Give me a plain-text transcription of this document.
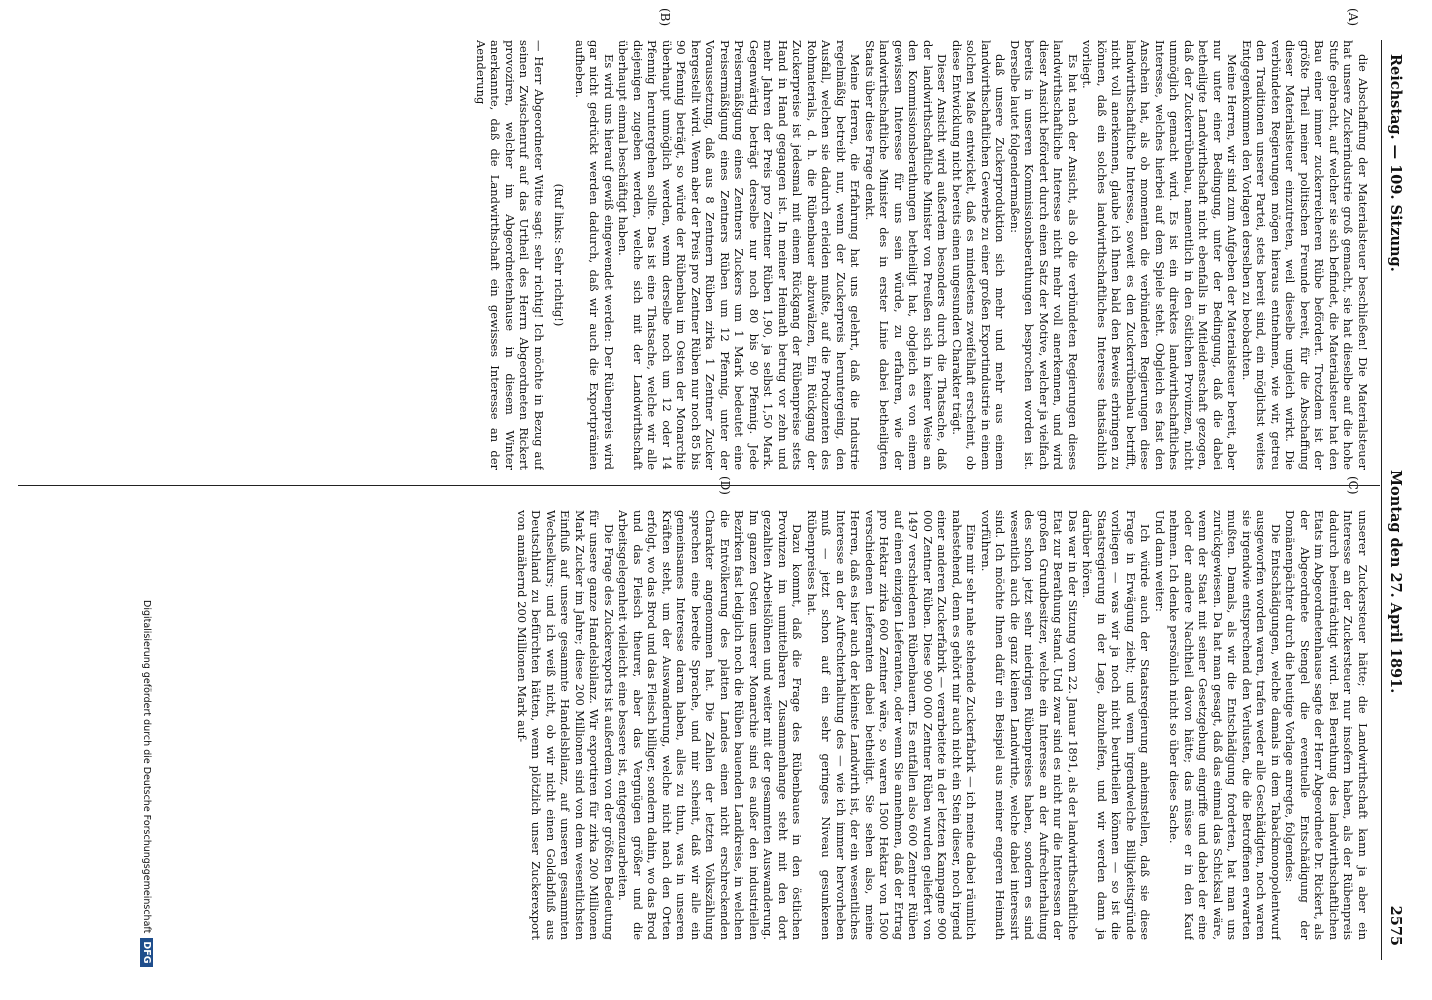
Reichstag. — 109. Sitzung.
Montag den 27. April 1891.
2575
(A)
(B)
(C)
(D)

die Abschaffung der Materialsteuer beschließen! Die Materialsteuer hat unsere Zuckerindustrie groß gemacht, sie hat dieselbe auf die hohe Stufe gebracht, auf welcher sie sich befindet, die Materialsteuer hat den Bau einer immer zuckerreicheren Rübe befördert. Trotzdem ist der größte Theil meiner politischen Freunde bereit, für die Abschaffung dieser Materialsteuer einzutreten, weil dieselbe ungleich wirkt. Die verbündeten Regierungen mögen hieraus entnehmen, wie wir, getreu den Traditionen unserer Partei, stets bereit sind, ein möglichst weites Entgegenkommen den Vorlagen derselben zu beobachten.

Meine Herren, wir sind zum Aufgeben der Materialsteuer bereit, aber nur unter einer Bedingung, unter der Bedingung, daß die dabei betheiligte Landwirthschaft nicht ebenfalls in Mitleidenschaft gezogen, daß der Zuckerrübenbau, namentlich in den östlichen Provinzen, nicht unmöglich gemacht wird. Es ist ein direktes landwirthschaftliches Interesse, welches hierbei auf dem Spiele steht. Obgleich es fast den Anschein hat, als ob momentan die verbündeten Regierungen diese landwirthschaftliche Interesse, soweit es den Zuckerrübenbau betrifft, nicht voll anerkennen, glaube ich Ihnen bald den Beweis erbringen zu können, daß ein solches landwirthschaftliches Interesse thatsächlich vorliegt.

Es hat nach der Ansicht, als ob die verbündeten Regierungen dieses landwirthschaftliche Interesse nicht mehr voll anerkennen, und wird dieser Ansicht befördert durch einen Satz der Motive, welcher ja vielfach bereits in unseren Kommissionsberathungen besprochen worden ist. Derselbe lautet folgendermaßen:

daß unsere Zuckerproduktion sich mehr und mehr aus einem landwirthschaftlichen Gewerbe zu einer großen Exportindustrie in einem solchen Maße entwickelt, daß es mindestens zweifelhaft erscheint, ob diese Entwicklung nicht bereits einen ungesunden Charakter trägt.

Dieser Ansicht wird außerdem besonders durch die Thatsache, daß der landwirthschaftliche Minister von Preußen sich in keiner Weise an den Kommissionsberathungen betheiligt hat, obgleich es von einem gewissen Interesse für uns sein würde, zu erfahren, wie der landwirthschaftliche Minister des in erster Linie dabei betheiligten Staats über diese Frage denkt.

Meine Herren, die Erfahrung hat uns gelehrt, daß die Industrie regelmäßig betreibt nur, wenn der Zuckerpreis heruntergeing, den Ausfall, welchen sie dadurch erleiden mußte, auf die Produzenten des Rohmaterials, d. h. die Rübenbauer abzuwälzen, Ein Rückgang der Zuckerpreise ist jedesmal mit einem Rückgang der Rübenpreise stets Hand in Hand gegangen ist. In meiner Heimath betrug vor zehn und mehr Jahren der Preis pro Zentner Rüben 1,90, ja selbst 1,50 Mark. Gegenwärtig beträgt derselbe nur noch 80 bis 90 Pfennig. Jede Preisermäßigung eines Zentners Zuckers um 1 Mark bedeutet eine Preisermäßigung eines Zentners Rüben um 12 Pfennig, unter der Voraussetzung, daß aus 8 Zentnern Rüben zirka 1 Zentner Zucker hergestellt wird. Wenn aber der Preis pro Zentner Rüben nur noch 85 bis 90 Pfennig beträgt, so würde der Rübenbau im Osten der Monarchie überhaupt unmöglich werden, wenn derselbe noch um 12 oder 14 Pfennig heruntergehen sollte. Das ist eine Thatsache, welche wir alle diejenigen zugeben werden, welche sich mit der Landwirthschaft überhaupt einmal beschäftigt haben.

Es wird uns hierauf gewiß eingewendet werden: Der Rübenpreis wird gar nicht gedrückt werden dadurch, daß wir auch die Exportprämien aufheben.

(Ruf links: Sehr richtig!)

— Herr Abgeordneter Witte sagt: sehr richtig! Ich möchte in Bezug auf seinen Zwischenruf auf das Urtheil des Herrn Abgeordneten Rickert provoziren, welcher im Abgeordnetenhause in diesem Winter anerkannte, daß die Landwirthschaft ein gewisses Interesse an der Aenderung

unserer Zuckersteuer hätte; die Landwirthschaft kann ja aber ein Interesse an der Zuckersteuer nur insofern haben, als der Rübenpreis dadurch beeinträchtigt wird. Bei Berathung des landwirthschaftlichen Etats im Abgeordnetenhause sagte der Herr Abgeordnete Dr. Rickert, als der Abgeordnete Stengel die eventuelle Entschädigung der Domänenpächter durch die heutige Vorlage anregte, folgendes:

Die Entschädigungen, welche damals in dem Tabackmonopolentwurf ausgeworfen worden waren, trafen weder alle Geschädigten, noch waren sie irgendwie entsprechend den Verlusten, die die Betroffenen erwarten mußten. Damals, als wir die Entschädigung forderten, hat man uns zurückgewiesen. Da hat man gesagt, daß das einmal das Schicksal wäre, wenn der Staat mit seiner Gesetzgebung eingriffe und dabei der eine oder der andere Nachtheil davon hätte; das müsse er in den Kauf nehmen. Ich denke persönlich nicht so über diese Sache.

Und dann weiter:

Ich würde auch der Staatsregierung anheimstellen, daß sie diese Frage in Erwägung zieht; und wenn irgendwelche Billigkeitsgründe vorliegen — was wir ja noch nicht beurtheilen können — so ist die Staatsregierung in der Lage, abzuhelfen, und wir werden dann ja darüber hören.

Das war in der Sitzung vom 22. Januar 1891, als der landwirthschaftliche Etat zur Berathung stand. Und zwar sind es nicht nur die Interessen der großen Grundbesitzer, welche ein Interesse an der Aufrechterhaltung des schon jetzt sehr niedrigen Rübenpreises haben, sondern es sind wesentlich auch die ganz kleinen Landwirthe, welche dabei interessirt sind. Ich möchte Ihnen dafür ein Beispiel aus meiner engeren Heimath vorführen.

Eine mir sehr nahe stehende Zuckerfabrik — ich meine dabei räumlich nahestehend, denn es gehört mir auch nicht ein Stein dieser, noch irgend einer anderen Zuckerfabrik — verarbeitete in der letzten Kampagne 900 000 Zentner Rüben. Diese 900 000 Zentner Rüben wurden geliefert von 1497 verschiedenen Rübenbauern. Es entfallen also 600 Zentner Rüben auf einen einzigen Lieferanten, oder wenn Sie annehmen, daß der Ertrag pro Hektar zirka 600 Zentner wäre, so waren 1500 Hektar von 1500 verschiedenen Lieferanten dabei betheiligt. Sie sehen also, meine Herren, daß es hier auch der kleinste Landwirth ist, der ein wesentliches Interesse an der Aufrechterhaltung des — wie ich immer hervorheben muß — jetzt schon auf ein sehr geringes Niveau gesunkenen Rübenpreises hat.

Dazu kommt, daß die Frage des Rübenbaues in den östlichen Provinzen im unmittelbaren Zusammenhange steht mit den dort gezahlten Arbeitslöhnen und weiter mit der gesammten Auswanderung. Im ganzen Osten unserer Monarchie sind es außer den industriellen Bezirken fast lediglich noch die Rüben bauenden Landkreise, in welchen die Entvölkerung des platten Landes einen nicht erschreckenden Charakter angenommen hat. Die Zahlen der letzten Volkszählung sprechen eine beredte Sprache, und mir scheint, daß wir alle ein gemeinsames Interesse daran haben, alles zu thun, was in unseren Kräften steht, um der Auswanderung, welche nicht nach den Orten erfolgt, wo das Brod und das Fleisch billiger, sondern dahin, wo das Brod und das Fleisch theurer, aber das Vergnügen größer und die Arbeitsgelegenheit vielleicht eine bessere ist, entgegenzuarbeiten.

Die Frage des Zuckerexports ist außerdem von der größten Bedeutung für unsere ganze Handelsbilanz. Wir exportiren für zirka 200 Millionen Mark Zucker im Jahre; diese 200 Millionen sind von dem wesentlichsten Einfluß auf unsere gesammte Handelsbilanz, auf unseren gesammten Wechselkurs; und ich weiß nicht, ob wir nicht einen Goldabfluß aus Deutschland zu befürchten hätten, wenn plötzlich unser Zuckerexport von annähernd 200 Millionen Mark auf-

Digitalisierung gefördert durch die Deutsche ForschungsgemeinschaftDFG
